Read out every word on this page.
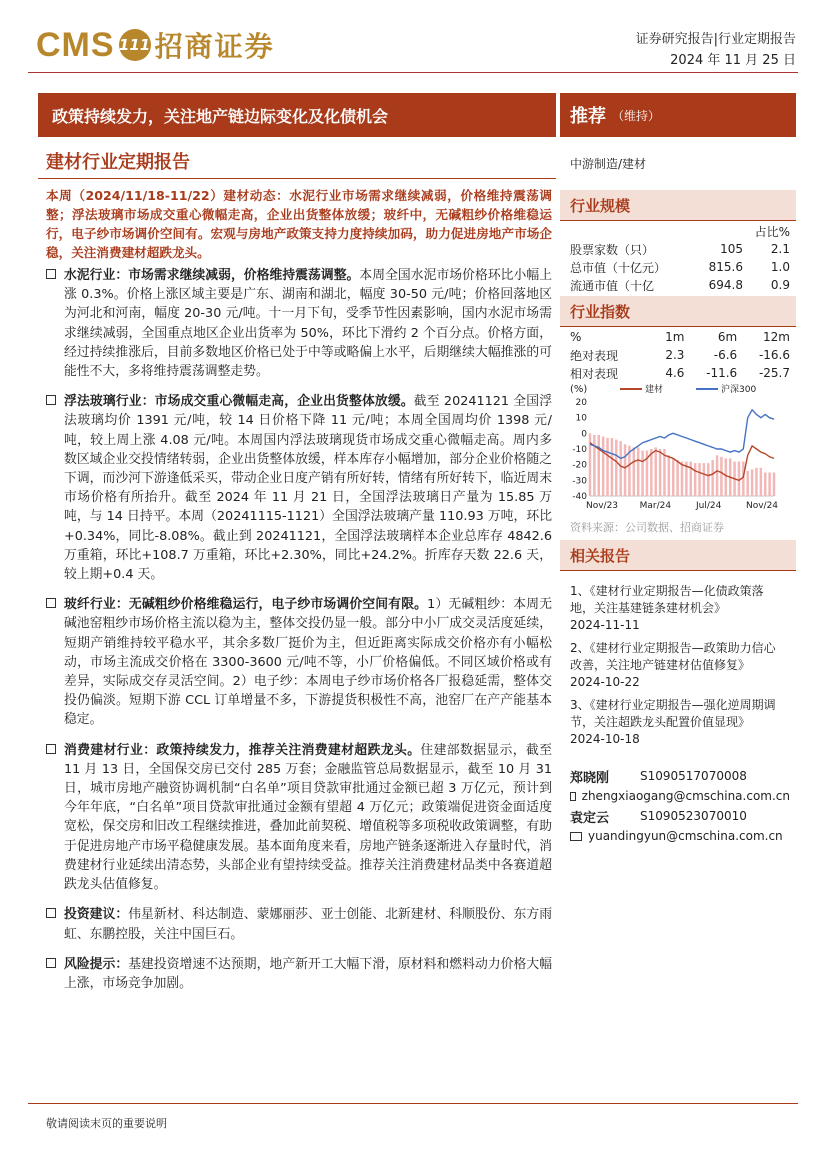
CMS 111 招商证券	证券研究报告|行业定期报告
2024 年 11 月 25 日
政策持续发力，关注地产链边际变化及化债机会	推荐 （维持）
建材行业定期报告	中游制造/建材
本周（2024/11/18-11/22）建材动态：水泥行业市场需求继续减弱，价格维持震荡调整；浮法玻璃市场成交重心微幅走高，企业出货整体放缓；玻纤中，无碱粗纱价格维稳运行，电子纱市场调价空间有。宏观与房地产政策支持力度持续加码，助力促进房地产市场企稳，关注消费建材超跌龙头。
水泥行业：市场需求继续减弱，价格维持震荡调整。本周全国水泥市场价格环比小幅上涨 0.3%。价格上涨区域主要是广东、湖南和湖北，幅度 30-50 元/吨；价格回落地区为河北和河南，幅度 20-30 元/吨。十一月下旬，受季节性因素影响，国内水泥市场需求继续减弱，全国重点地区企业出货率为 50%，环比下滑约 2 个百分点。价格方面，经过持续推涨后，目前多数地区价格已处于中等或略偏上水平，后期继续大幅推涨的可能性不大，多将维持震荡调整走势。
浮法玻璃行业：市场成交重心微幅走高，企业出货整体放缓。截至 20241121 全国浮法玻璃均价 1391 元/吨，较 14 日价格下降 11 元/吨；本周全国周均价 1398 元/吨，较上周上涨 4.08 元/吨。本周国内浮法玻璃现货市场成交重心微幅走高。周内多数区域企业交投情绪转弱，企业出货整体放缓，样本库存小幅增加，部分企业价格随之下调，而沙河下游逢低采买，带动企业日度产销有所好转，情绪有所好转下，临近周末市场价格有所抬升。截至 2024 年 11 月 21 日，全国浮法玻璃日产量为 15.85 万吨，与 14 日持平。本周（20241115-1121）全国浮法玻璃产量 110.93 万吨，环比+0.34%，同比-8.08%。截止到 20241121，全国浮法玻璃样本企业总库存 4842.6 万重箱，环比+108.7 万重箱，环比+2.30%，同比+24.2%。折库存天数 22.6 天，较上期+0.4 天。
玻纤行业：无碱粗纱价格维稳运行，电子纱市场调价空间有限。1）无碱粗纱：本周无碱池窑粗纱市场价格主流以稳为主，整体交投仍显一般。部分中小厂成交灵活度延续，短期产销维持较平稳水平，其余多数厂挺价为主，但近距离实际成交价格亦有小幅松动，市场主流成交价格在 3300-3600 元/吨不等，小厂价格偏低。不同区域价格或有差异，实际成交存灵活空间。2）电子纱：本周电子纱市场价格各厂报稳延需，整体交投仍偏淡。短期下游 CCL 订单增量不多，下游提货积极性不高，池窑厂在产产能基本稳定。
消费建材行业：政策持续发力，推荐关注消费建材超跌龙头。住建部数据显示，截至 11 月 13 日，全国保交房已交付 285 万套；金融监管总局数据显示，截至 10 月 31 日，城市房地产融资协调机制“白名单”项目贷款审批通过金额已超 3 万亿元，预计到今年年底，“白名单”项目贷款审批通过金额有望超 4 万亿元；政策端促进资金面适度宽松，保交房和旧改工程继续推进，叠加此前契税、增值税等多项税收政策调整，有助于促进房地产市场平稳健康发展。基本面角度来看，房地产链条逐渐进入存量时代，消费建材行业延续出清态势，头部企业有望持续受益。推荐关注消费建材品类中各赛道超跌龙头估值修复。
投资建议：伟星新材、科达制造、蒙娜丽莎、亚士创能、北新建材、科顺股份、东方雨虹、东鹏控股，关注中国巨石。
风险提示：基建投资增速不达预期，地产新开工大幅下滑，原材料和燃料动力价格大幅上涨，市场竞争加剧。
行业规模
		占比%
股票家数（只）	105	2.1
总市值（十亿元）	815.6	1.0
流通市值（十亿	694.8	0.9
行业指数
%	1m	6m	12m
绝对表现	2.3	-6.6	-16.6
相对表现	4.6	-11.6	-25.7
(%)	建材	沪深300
20
10
0
-10
-20
-30
-40
Nov/23 Mar/24	Jul/24	Nov/24
资料来源：公司数据、招商证券
相关报告
1、《建材行业定期报告—化债政策落地，关注基建链条建材机会》
2024-11-11
2、《建材行业定期报告—政策助力信心改善，关注地产链建材估值修复》
2024-10-22
3、《建材行业定期报告—强化逆周期调节，关注超跌龙头配置价值显现》
2024-10-18
郑晓刚	S1090517070008
zhengxiaogang@cmschina.com.cn
袁定云	S1090523070010
yuandingyun@cmschina.com.cn
敬请阅读末页的重要说明
